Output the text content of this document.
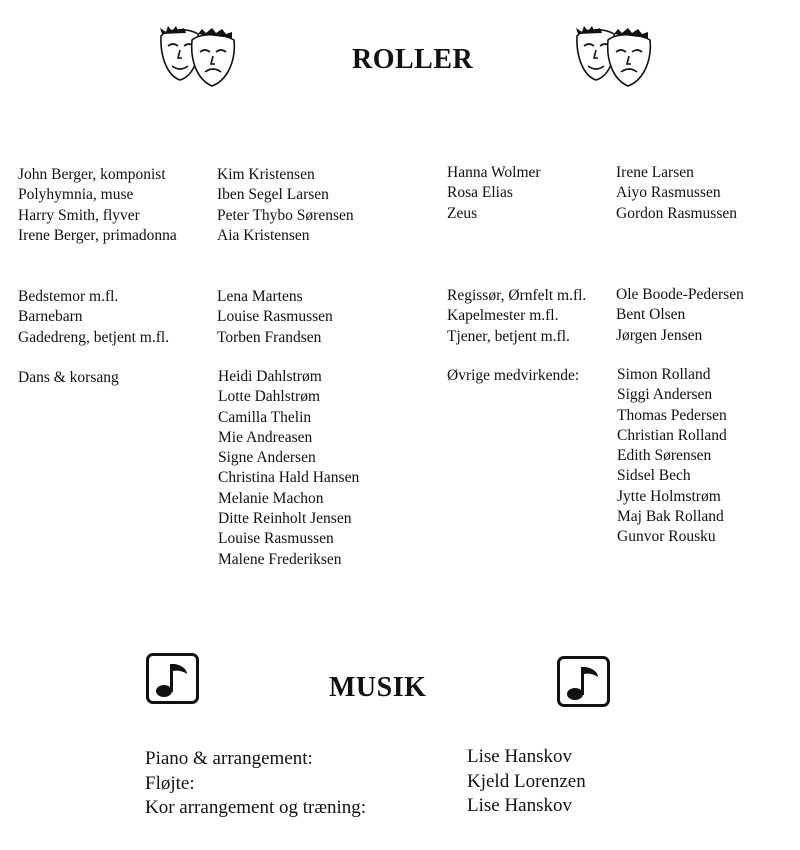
ROLLER
John Berger, komponist
Polyhymnia, muse
Harry Smith, flyver
Irene Berger, primadonna
Kim Kristensen
Iben Segel Larsen
Peter Thybo Sørensen
Aia Kristensen
Hanna Wolmer
Rosa Elias
Zeus
Irene Larsen
Aiyo Rasmussen
Gordon Rasmussen
Bedstemor m.fl.
Barnebarn
Gadedreng, betjent m.fl.
Lena Martens
Louise Rasmussen
Torben Frandsen
Regissør, Ørnfelt m.fl.
Kapelmester m.fl.
Tjener, betjent m.fl.
Ole Boode-Pedersen
Bent Olsen
Jørgen Jensen
Dans & korsang	Heidi Dahlstrøm
Lotte Dahlstrøm
Camilla Thelin
Mie Andreasen
Signe Andersen
Christina Hald Hansen
Melanie Machon
Ditte Reinholt Jensen
Louise Rasmussen
Malene Frederiksen
Øvrige medvirkende: Simon Rolland
Siggi Andersen
Thomas Pedersen
Christian Rolland
Edith Sørensen
Sidsel Bech
Jytte Holmstrøm
Maj Bak Rolland
Gunvor Rousku
MUSIK
Piano & arrangement:
Fløjte:
Kor arrangement og træning:
Lise Hanskov
Kjeld Lorenzen
Lise Hanskov
